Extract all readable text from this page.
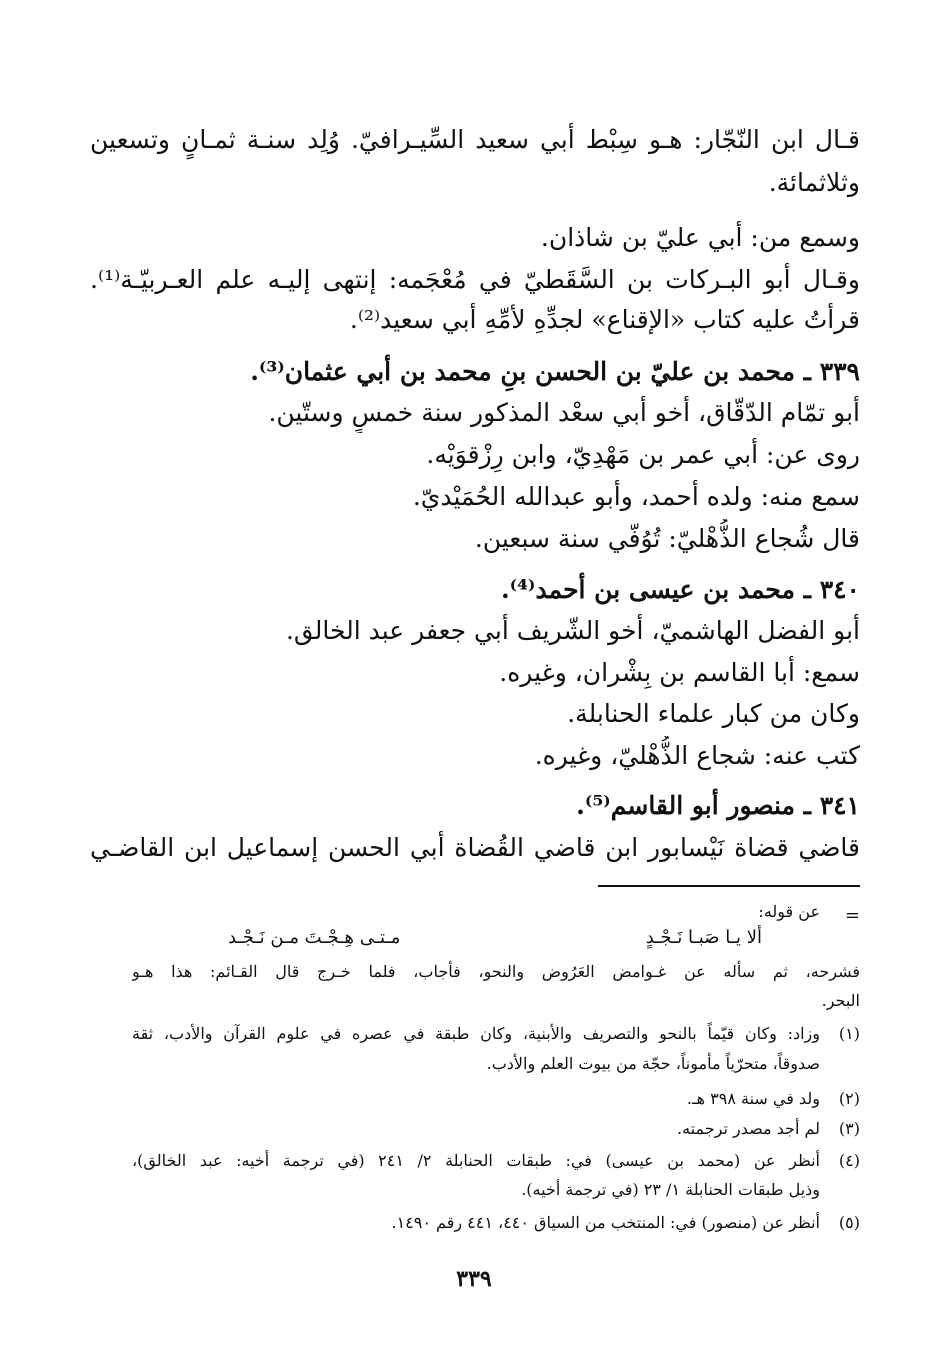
قـال ابن النّجّار: هـو سِبْط أبي سعيد السِّيـرافيّ. وُلِد سنـة ثمـانٍ وتسعين
وثلاثمائة.
وسمع من: أبي عليّ بن شاذان.
وقـال أبو البـركات بن السَّقَطيّ في مُعْجَمه: إنتهى إليـه علم العـربيّـة⁽¹⁾.
قرأتُ عليه كتاب «الإقناع» لجدِّهِ لأمِّهِ أبي سعيد⁽²⁾.
٣٣٩ ـ محمد بن عليّ بن الحسن بنِ محمد بن أبي عثمان⁽³⁾.
أبو تمّام الدّقّاق، أخو أبي سعْد المذكور سنة خمسٍ وستّين.
روى عن: أبي عمر بن مَهْدِيّ، وابن رِزْقوَيْه.
سمع منه: ولده أحمد، وأبو عبدالله الحُمَيْديّ.
قال شُجاع الذُّهْليّ: تُوُفّي سنة سبعين.
٣٤٠ ـ محمد بن عيسى بن أحمد⁽⁴⁾.
أبو الفضل الهاشميّ، أخو الشّريف أبي جعفر عبد الخالق.
سمع: أبا القاسم بن بِشْران، وغيره.
وكان من كبار علماء الحنابلة.
كتب عنه: شجاع الذُّهْليّ، وغيره.
٣٤١ ـ منصور أبو القاسم⁽⁵⁾.
قاضي قضاة نَيْسابور ابن قاضي القُضاة أبي الحسن إسماعيل ابن القاضـي
=
عن قوله:
ألا يـا صَبـا نَـجْـدٍ
مـتـى هِـجْـتَ مـن نَـجْـد
فشرحه، ثم سأله عن غـوامض العَرُوض والنحو، فأجاب، فلما خـرج قال القـائم: هذا هـو
البحر.
(١)
وزاد: وكان قيّماً بالنحو والتصريف والأبنية، وكان طبقة في عصره في علوم القرآن والأدب، ثقة
صدوقاً، متحرّياً مأموناً، حجّة من بيوت العلم والأدب.
(٢)
ولد في سنة ٣٩٨ هـ.
(٣)
لم أجد مصدر ترجمته.
(٤)
أنظر عن (محمد بن عيسى) في: طبقات الحنابلة ٢/ ٢٤١ (في ترجمة أخيه: عبد الخالق)،
وذيل طبقات الحنابلة ١/ ٢٣ (في ترجمة أخيه).
(٥)
أنظر عن (منصور) في: المنتخب من السياق ٤٤٠، ٤٤١ رقم ١٤٩٠.
٣٣٩
